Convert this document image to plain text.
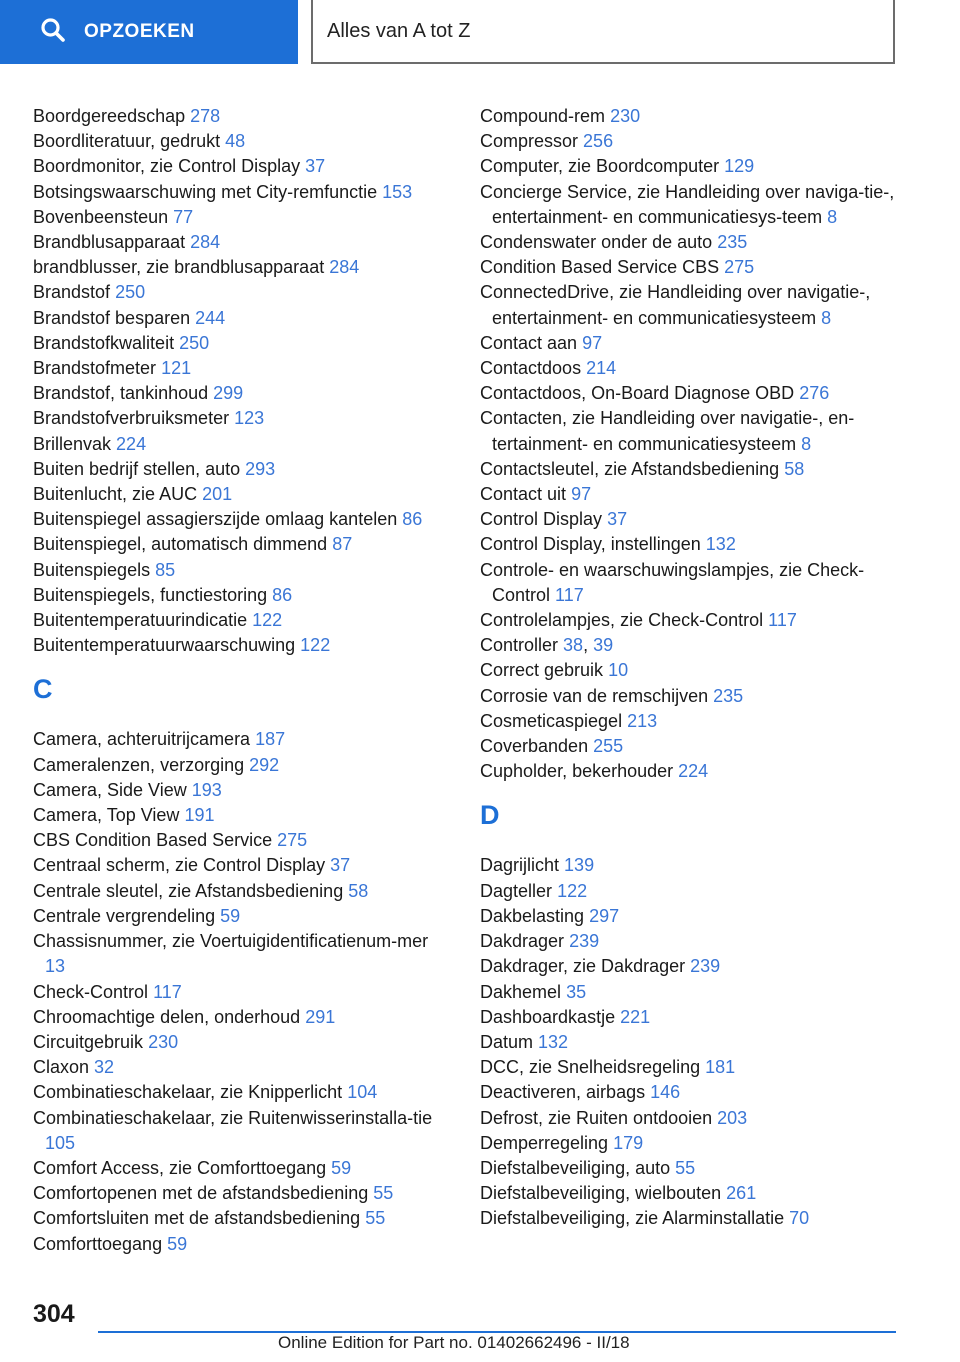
OPZOEKEN	Alles van A tot Z
Boordgereedschap 278
Boordliteratuur, gedrukt 48
Boordmonitor, zie Control Display 37
Botsingswaarschuwing met City-remfunctie 153
Bovenbeensteun 77
Brandblusapparaat 284
brandblusser, zie brandblusapparaat 284
Brandstof 250
Brandstof besparen 244
Brandstofkwaliteit 250
Brandstofmeter 121
Brandstof, tankinhoud 299
Brandstofverbruiksmeter 123
Brillenvak 224
Buiten bedrijf stellen, auto 293
Buitenlucht, zie AUC 201
Buitenspiegel assagierszijde omlaag kantelen 86
Buitenspiegel, automatisch dimmend 87
Buitenspiegels 85
Buitenspiegels, functiestoring 86
Buitentemperatuurindicatie 122
Buitentemperatuurwaarschuwing 122
C
Camera, achteruitrijcamera 187
Cameralenzen, verzorging 292
Camera, Side View 193
Camera, Top View 191
CBS Condition Based Service 275
Centraal scherm, zie Control Display 37
Centrale sleutel, zie Afstandsbediening 58
Centrale vergrendeling 59
Chassisnummer, zie Voertuigidentificatienum-mer 13
Check-Control 117
Chroomachtige delen, onderhoud 291
Circuitgebruik 230
Claxon 32
Combinatieschakelaar, zie Knipperlicht 104
Combinatieschakelaar, zie Ruitenwisserinstalla-tie 105
Comfort Access, zie Comforttoegang 59
Comfortopenen met de afstandsbediening 55
Comfortsluiten met de afstandsbediening 55
Comforttoegang 59
Compound-rem 230
Compressor 256
Computer, zie Boordcomputer 129
Concierge Service, zie Handleiding over naviga-tie-, entertainment- en communicatiesys-teem 8
Condenswater onder de auto 235
Condition Based Service CBS 275
ConnectedDrive, zie Handleiding over navigatie-, entertainment- en communicatiesysteem 8
Contact aan 97
Contactdoos 214
Contactdoos, On-Board Diagnose OBD 276
Contacten, zie Handleiding over navigatie-, en-tertainment- en communicatiesysteem 8
Contactsleutel, zie Afstandsbediening 58
Contact uit 97
Control Display 37
Control Display, instellingen 132
Controle- en waarschuwingslampjes, zie Check-Control 117
Controlelampjes, zie Check-Control 117
Controller 38, 39
Correct gebruik 10
Corrosie van de remschijven 235
Cosmeticaspiegel 213
Coverbanden 255
Cupholder, bekerhouder 224
D
Dagrijlicht 139
Dagteller 122
Dakbelasting 297
Dakdrager 239
Dakdrager, zie Dakdrager 239
Dakhemel 35
Dashboardkastje 221
Datum 132
DCC, zie Snelheidsregeling 181
Deactiveren, airbags 146
Defrost, zie Ruiten ontdooien 203
Demperregeling 179
Diefstalbeveiliging, auto 55
Diefstalbeveiliging, wielbouten 261
Diefstalbeveiliging, zie Alarminstallatie 70
304
Online Edition for Part no. 01402662496 - II/18
